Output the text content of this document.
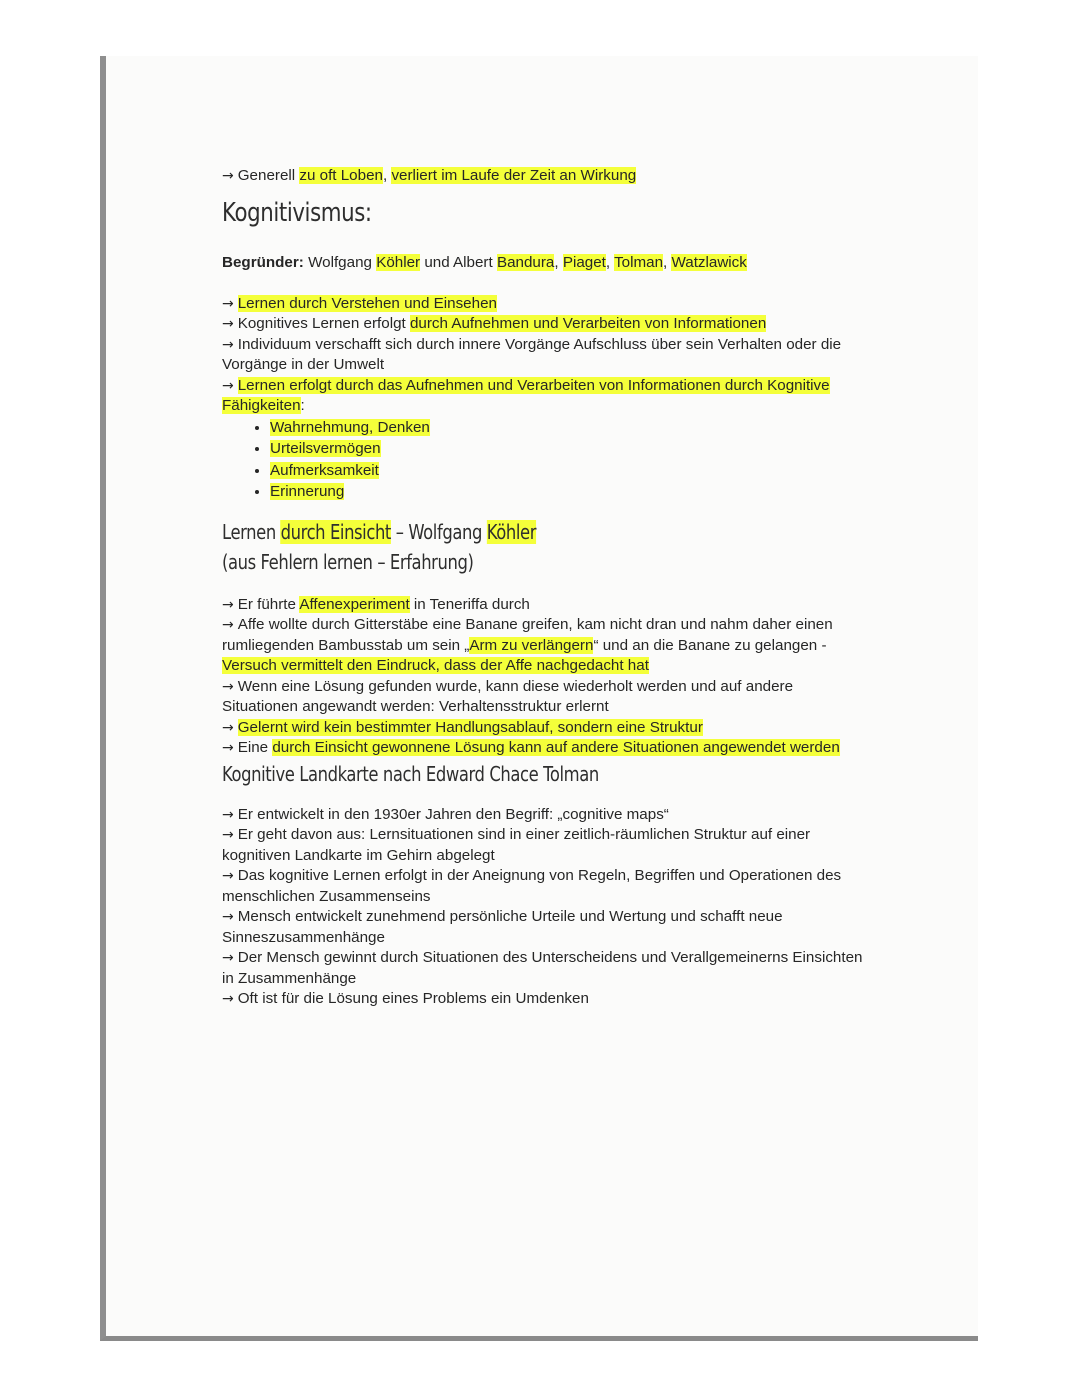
→ Generell zu oft Loben, verliert im Laufe der Zeit an Wirkung

Kognitivismus:

Begründer: Wolfgang Köhler und Albert Bandura, Piaget, Tolman, Watzlawick

→ Lernen durch Verstehen und Einsehen

→ Kognitives Lernen erfolgt durch Aufnehmen und Verarbeiten von Informationen

→ Individuum verschafft sich durch innere Vorgänge Aufschluss über sein Verhalten oder die Vorgänge in der Umwelt

→ Lernen erfolgt durch das Aufnehmen und Verarbeiten von Informationen durch Kognitive Fähigkeiten:

• Wahrnehmung, Denken
• Urteilsvermögen
• Aufmerksamkeit
• Erinnerung
Lernen durch Einsicht – Wolfgang Köhler
(aus Fehlern lernen – Erfahrung)

→ Er führte Affenexperiment in Teneriffa durch

→ Affe wollte durch Gitterstäbe eine Banane greifen, kam nicht dran und nahm daher einen rumliegenden Bambusstab um sein „Arm zu verlängern“ und an die Banane zu gelangen - Versuch vermittelt den Eindruck, dass der Affe nachgedacht hat

→ Wenn eine Lösung gefunden wurde, kann diese wiederholt werden und auf andere Situationen angewandt werden: Verhaltensstruktur erlernt

→ Gelernt wird kein bestimmter Handlungsablauf, sondern eine Struktur

→ Eine durch Einsicht gewonnene Lösung kann auf andere Situationen angewendet werden

Kognitive Landkarte nach Edward Chace Tolman

→ Er entwickelt in den 1930er Jahren den Begriff: „cognitive maps“

→ Er geht davon aus: Lernsituationen sind in einer zeitlich-räumlichen Struktur auf einer kognitiven Landkarte im Gehirn abgelegt

→ Das kognitive Lernen erfolgt in der Aneignung von Regeln, Begriffen und Operationen des menschlichen Zusammenseins

→ Mensch entwickelt zunehmend persönliche Urteile und Wertung und schafft neue Sinneszusammenhänge

→ Der Mensch gewinnt durch Situationen des Unterscheidens und Verallgemeinerns Einsichten in Zusammenhänge

→ Oft ist für die Lösung eines Problems ein Umdenken
